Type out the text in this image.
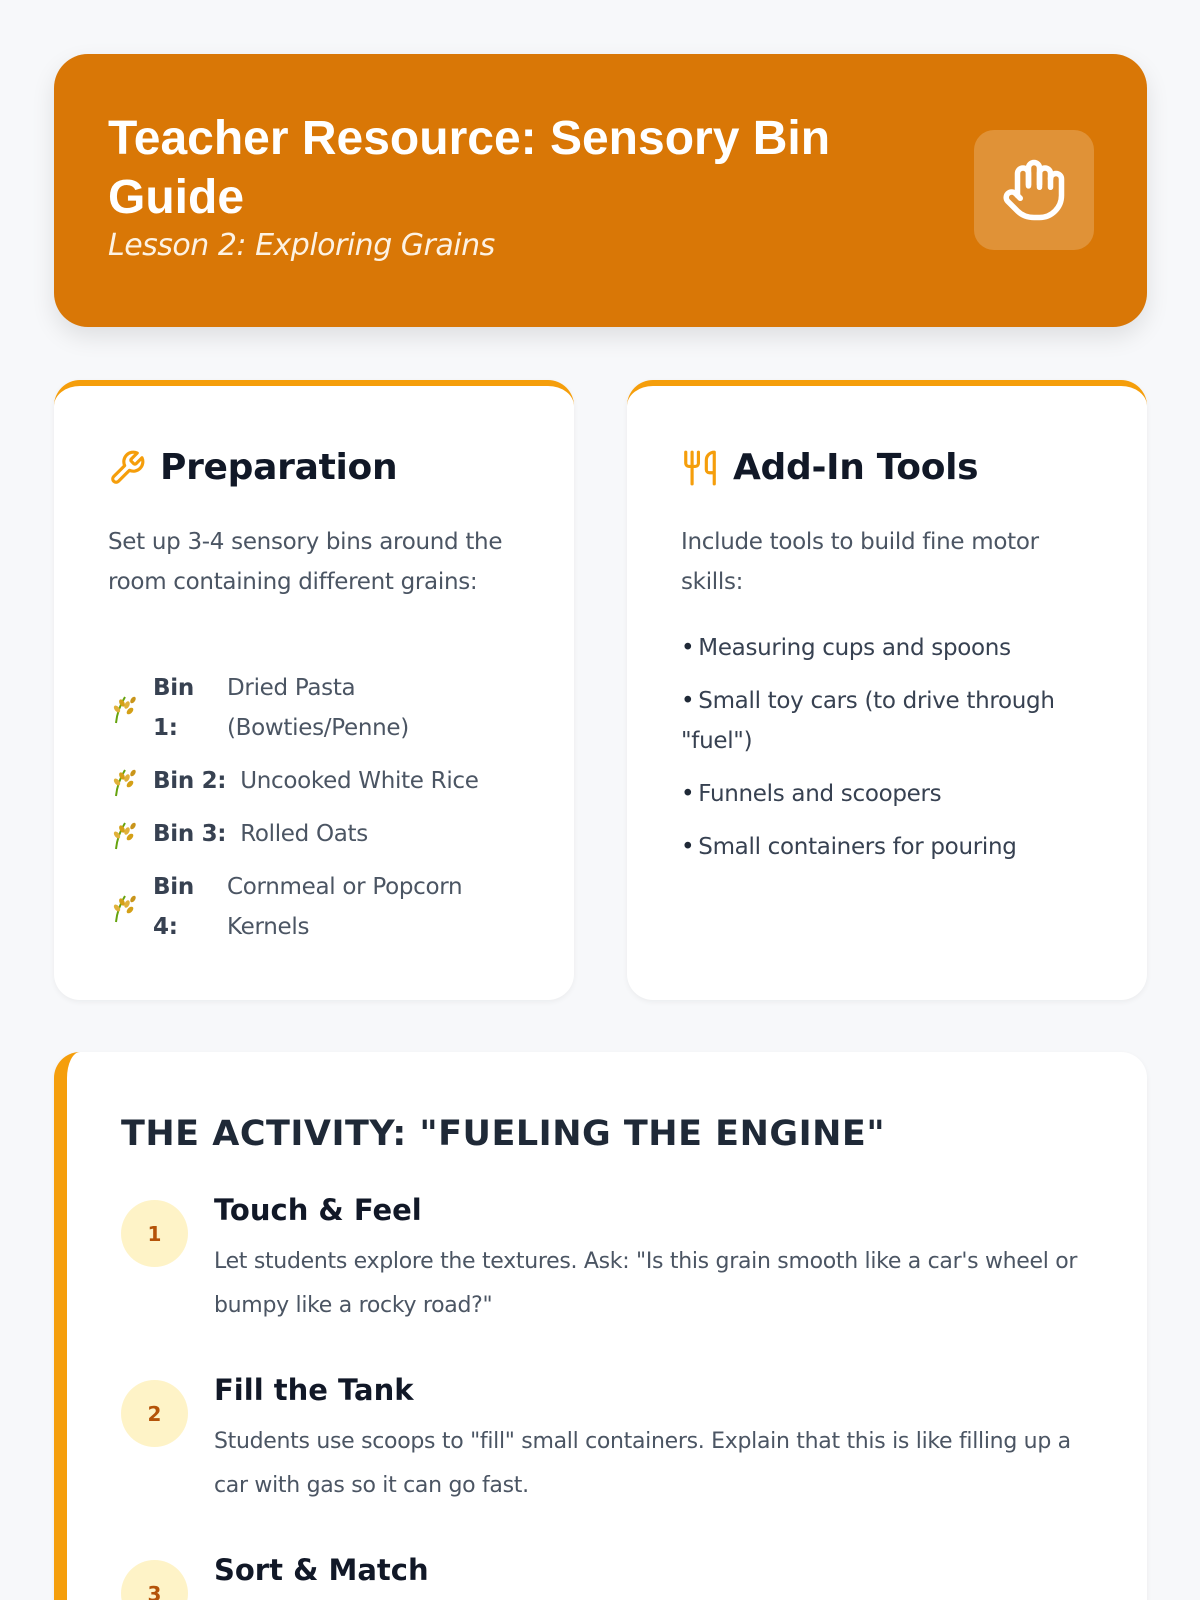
Teacher Resource: Sensory Bin Guide
Lesson 2: Exploring Grains
Preparation

Set up 3-4 sensory bins around the room containing different grains:

Bin 1:
Dried Pasta (Bowties/Penne)
Bin 2: Uncooked White Rice
Bin 3: Rolled Oats
Bin 4:
Cornmeal or Popcorn Kernels
Add-In Tools

Include tools to build fine motor skills:

• Measuring cups and spoons
• Small toy cars (to drive through "fuel")
• Funnels and scoopers
• Small containers for pouring
THE ACTIVITY: "FUELING THE ENGINE"
1
Touch & Feel

Let students explore the textures. Ask: "Is this grain smooth like a car's wheel or bumpy like a rocky road?"

2
Fill the Tank

Students use scoops to "fill" small containers. Explain that this is like filling up a car with gas so it can go fast.

3
Sort & Match
